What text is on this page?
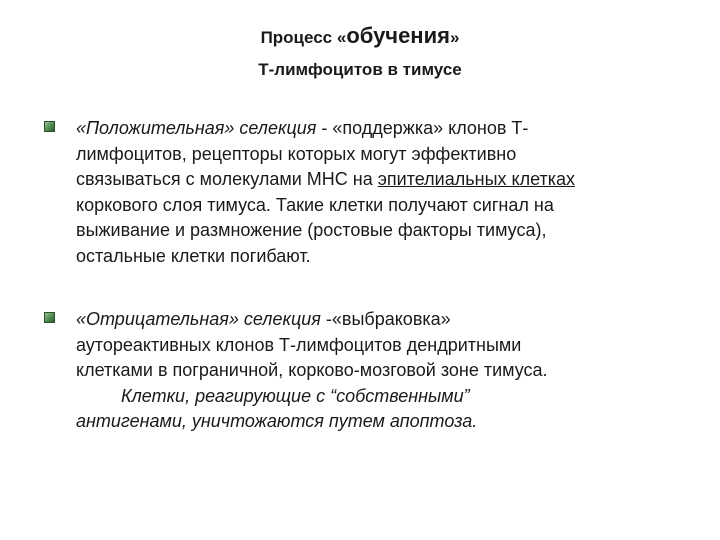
Процесс «обучения»
Т-лимфоцитов в тимусе

«Положительная» селекция - «поддержка» клонов Т-
лимфоцитов, рецепторы которых могут эффективно
связываться с молекулами МНС на эпителиальных клетках
коркового слоя тимуса. Такие клетки получают сигнал на
выживание и размножение (ростовые факторы тимуса),
остальные клетки погибают.

«Отрицательная» селекция -«выбраковка»
аутореактивных клонов Т-лимфоцитов дендритными
клетками в пограничной, корково-мозговой зоне тимуса.
Клетки, реагирующие с “собственными”
антигенами, уничтожаются путем апоптоза.
